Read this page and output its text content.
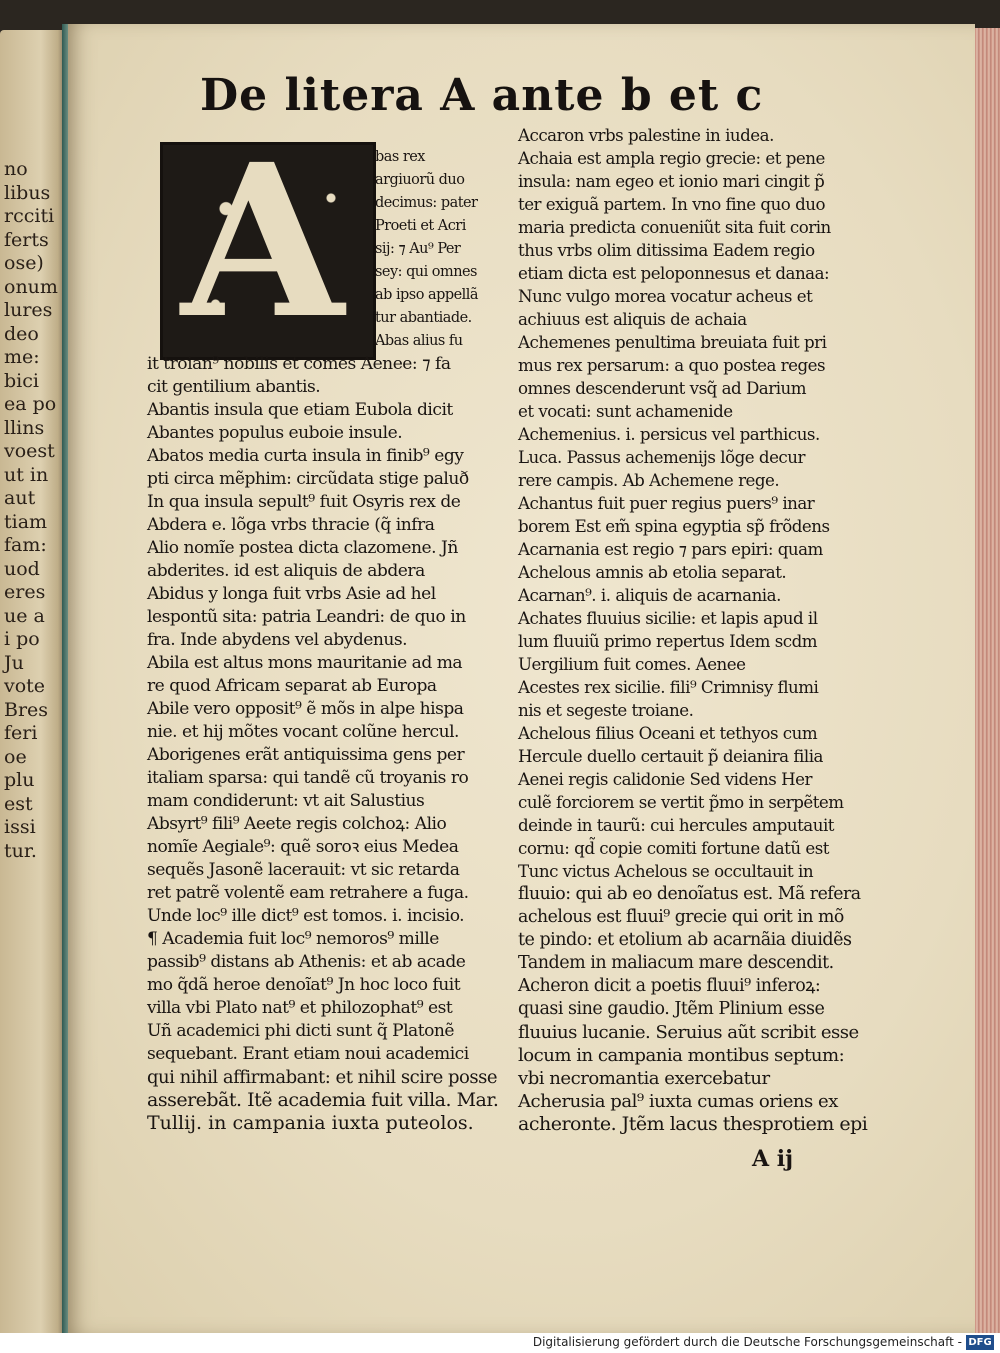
no
libus
rcciti
ferts
ose)
onum
lures
deo
me:
bici
ea po
llins
voest
ut in
aut
tiam
fam:
uod
eres
ue a
i po
Ju
vote
Bres
feri
oe
plu
est
issi
tur.
De litera A ante b et c
A	bas rex
argiuorũ duo
decimus: pater
Proeti et Acri
sij: ⁊ Au⁹ Per
sey: qui omnes
ab ipso appellã
tur abantiade.
Abas alius fu
it troian⁹ nobilis et comes Aenee: ⁊ fa
cit gentilium abantis.
Abantis insula que etiam Eubola dicit
Abantes populus euboie insule.
Abatos media curta insula in finib⁹ egy
pti circa mẽphim: circũdata stige paluð
In qua insula sepult⁹ fuit Osyris rex de
Abdera e. lõga vrbs thracie (q̃ infra
Alio nomĩe postea dicta clazomene. Jñ
abderites. id est aliquis de abdera
Abidus y longa fuit vrbs Asie ad hel
lespontũ sita: patria Leandri: de quo in
fra. Inde abydens vel abydenus.
Abila est altus mons mauritanie ad ma
re quod Africam separat ab Europa
Abile vero opposit⁹ ẽ mõs in alpe hispa
nie. et hij mõtes vocant colũne hercul.
Aborigenes erãt antiquissima gens per
italiam sparsa: qui tandẽ cũ troyanis ro
mam condiderunt: vt ait Salustius
Absyrt⁹ fili⁹ Aeete regis colchoꝝ: Alio
nomĩe Aegiale⁹: quẽ soroꝛ eius Medea
sequẽs Jasonẽ lacerauit: vt sic retarda
ret patrẽ volentẽ eam retrahere a fuga.
Unde loc⁹ ille dict⁹ est tomos. i. incisio.
¶ Academia fuit loc⁹ nemoros⁹ mille
passib⁹ distans ab Athenis: et ab acade
mo q̃dã heroe denoĩat⁹ Jn hoc loco fuit
villa vbi Plato nat⁹ et philozophat⁹ est
Uñ academici phi dicti sunt q̃ Platonẽ
sequebant. Erant etiam noui academici
qui nihil affirmabant: et nihil scire posse
asserebãt. Itẽ academia fuit villa. Mar.
Tullij. in campania iuxta puteolos.
Accaron vrbs palestine in iudea.
Achaia est ampla regio grecie: et pene
insula: nam egeo et ionio mari cingit p̃
ter exiguã partem. In vno fine quo duo
maria predicta conueniũt sita fuit corin
thus vrbs olim ditissima Eadem regio
etiam dicta est peloponnesus et danaa:
Nunc vulgo morea vocatur acheus et
achiuus est aliquis de achaia
Achemenes penultima breuiata fuit pri
mus rex persarum: a quo postea reges
omnes descenderunt vsq̃ ad Darium
et vocati: sunt achamenide
Achemenius. i. persicus vel parthicus.
Luca. Passus achemenijs lõge decur
rere campis. Ab Achemene rege.
Achantus fuit puer regius puers⁹ inar
borem Est em̃ spina egyptia sp̃ frõdens
Acarnania est regio ⁊ pars epiri: quam
Achelous amnis ab etolia separat.
Acarnan⁹. i. aliquis de acarnania.
Achates fluuius sicilie: et lapis apud il
lum fluuiũ primo repertus Idem scdm
Uergilium fuit comes. Aenee
Acestes rex sicilie. fili⁹ Crimnisy flumi
nis et segeste troiane.
Achelous filius Oceani et tethyos cum
Hercule duello certauit p̃ deianira filia
Aenei regis calidonie Sed videns Her
culẽ forciorem se vertit p̃mo in serpẽtem
deinde in taurũ: cui hercules amputauit
cornu: qd̃ copie comiti fortune datũ est
Tunc victus Achelous se occultauit in
fluuio: qui ab eo denoĩatus est. Mã refera
achelous est fluui⁹ grecie qui orit in mõ
te pindo: et etolium ab acarnãia diuidẽs
Tandem in maliacum mare descendit.
Acheron dicit a poetis fluui⁹ inferoꝝ:
quasi sine gaudio. Jtẽm Plinium esse
fluuius lucanie. Seruius aũt scribit esse
locum in campania montibus septum:
vbi necromantia exercebatur
Acherusia pal⁹ iuxta cumas oriens ex
acheronte. Jtẽm lacus thesprotiem epi
A ij
Digitalisierung gefördert durch die Deutsche Forschungsgemeinschaft - DFG
